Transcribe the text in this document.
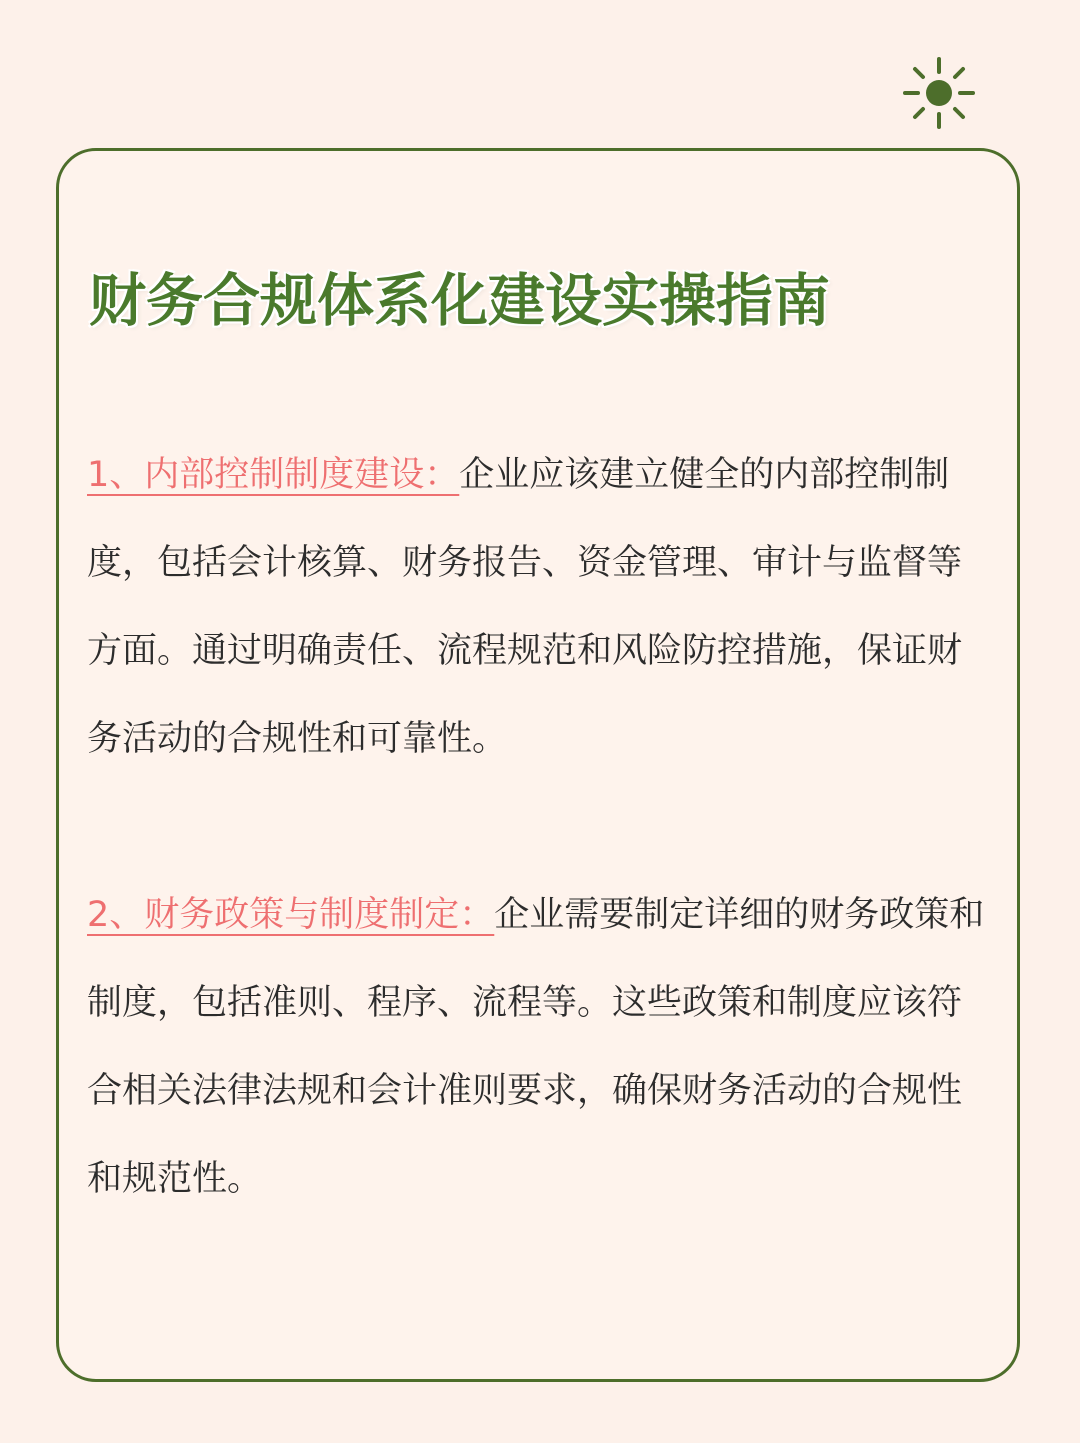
财务合规体系化建设实操指南

1、内部控制制度建设：企业应该建立健全的内部控制制度，包括会计核算、财务报告、资金管理、审计与监督等方面。通过明确责任、流程规范和风险防控措施，保证财务活动的合规性和可靠性。

2、财务政策与制度制定：企业需要制定详细的财务政策和制度，包括准则、程序、流程等。这些政策和制度应该符合相关法律法规和会计准则要求，确保财务活动的合规性和规范性。
